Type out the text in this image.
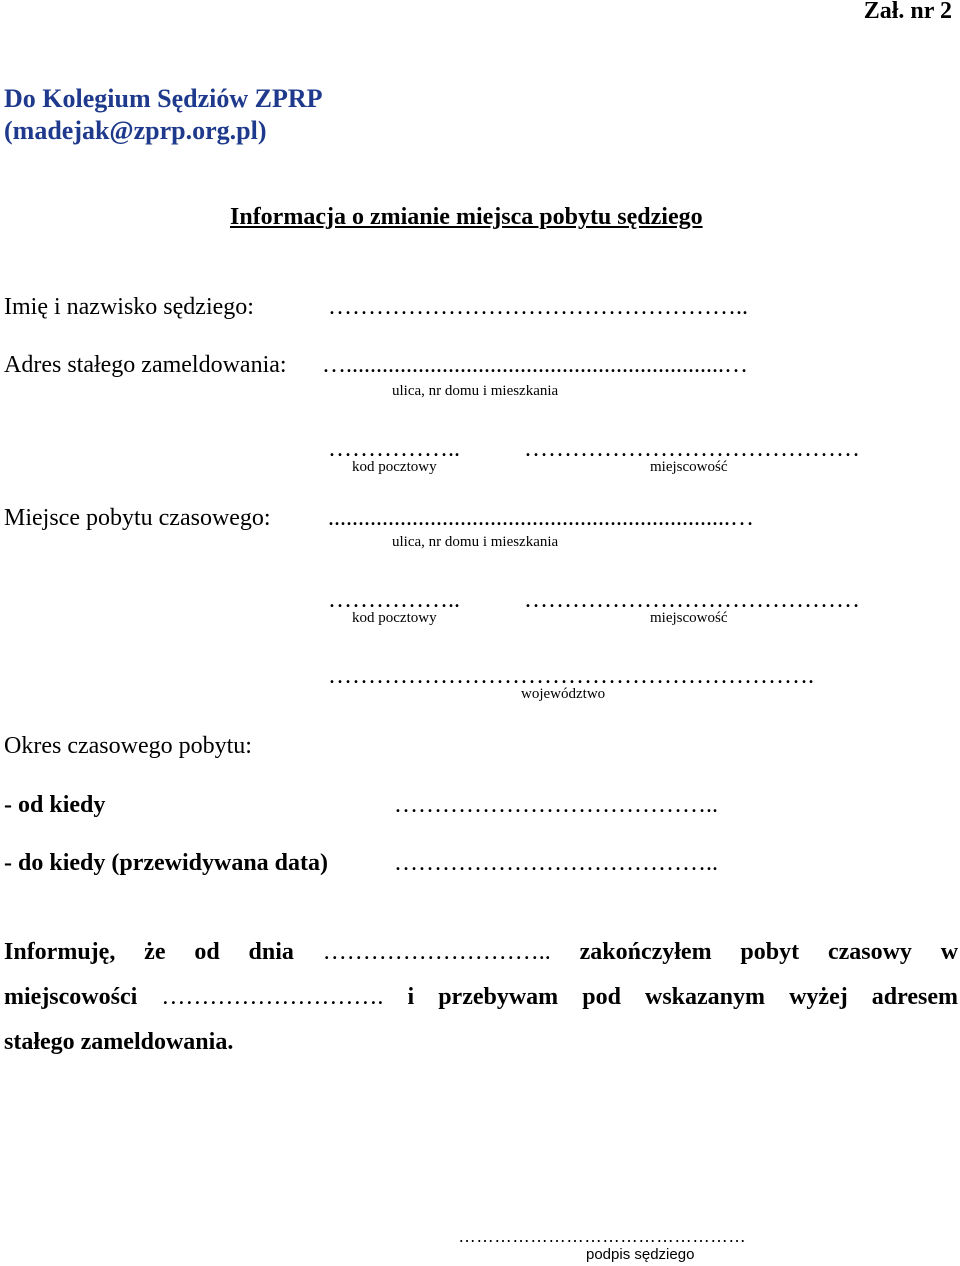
Zał. nr 2
Do Kolegium Sędziów ZPRP
(madejak@zprp.org.pl)
Informacja o zmianie miejsca pobytu sędziego
Imię i nazwisko sędziego:	……………………………………………..
Adres stałego zameldowania: …...............................................................…
ulica, nr domu i mieszkania
……………..
kod pocztowy
……………………………………
miejscowość
Miejsce pobytu czasowego: ...................................................................…
ulica, nr domu i mieszkania
……………..
kod pocztowy
……………………………………
miejscowość
…………………………………………………….
województwo
Okres czasowego pobytu:
- od kiedy	…………………………………..
- do kiedy (przewidywana data)	…………………………………..
Informuję, że od dnia ……………………….. zakończyłem pobyt czasowy w
miejscowości ………………………. i przebywam pod wskazanym wyżej adresem
stałego zameldowania.
…………………………………………
podpis sędziego
